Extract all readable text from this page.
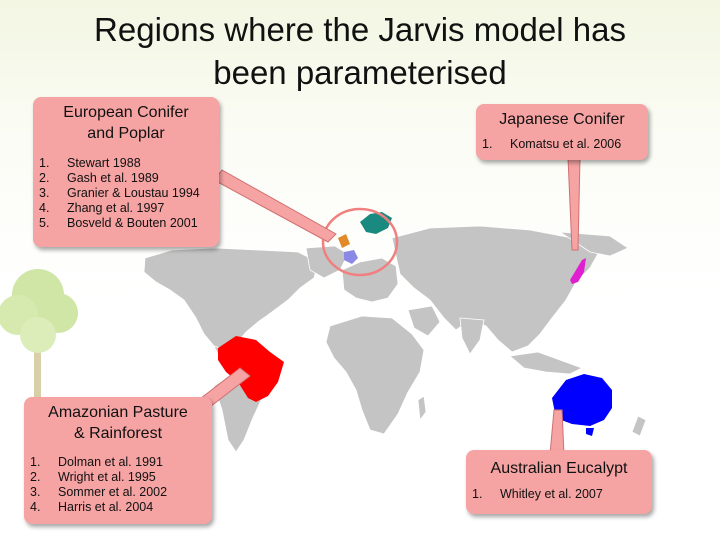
Regions where the Jarvis model has
been parameterised
European Conifer
and Poplar
1.	Stewart 1988
2.	Gash et al. 1989
3.	Granier & Loustau 1994
4.	Zhang et al. 1997
5.	Bosveld & Bouten 2001
Japanese Conifer
1.	Komatsu et al. 2006
Amazonian Pasture
& Rainforest
1.	Dolman et al. 1991
2.	Wright et al. 1995
3.	Sommer et al. 2002
4.	Harris et al. 2004
Australian Eucalypt
1.	Whitley et al. 2007
